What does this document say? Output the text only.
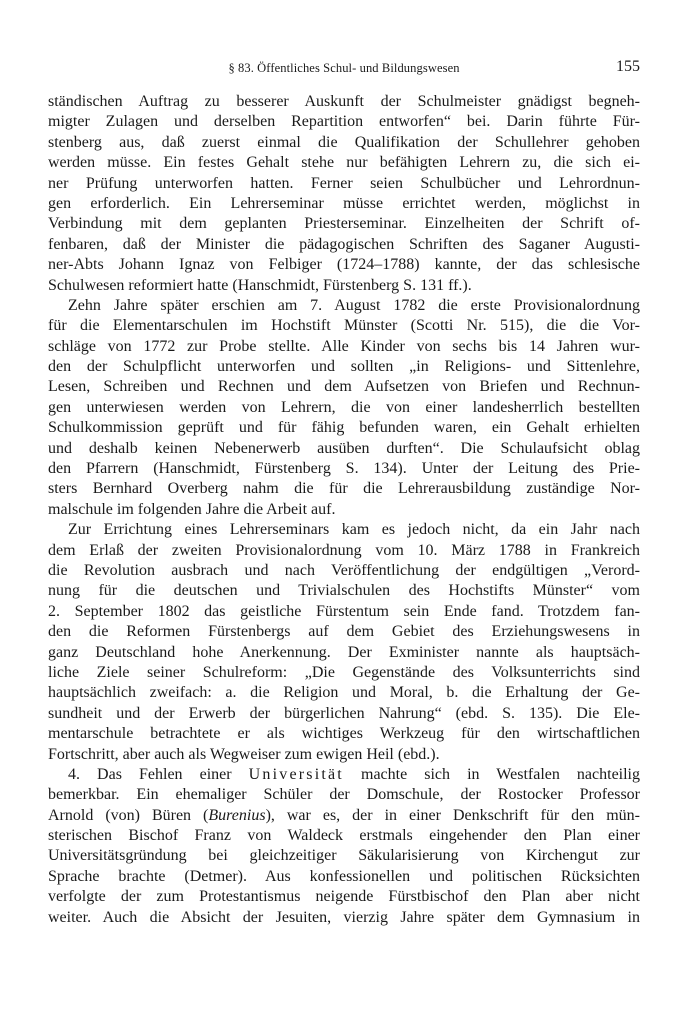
§ 83. Öffentliches Schul- und Bildungswesen	155

ständischen Auftrag zu besserer Auskunft der Schulmeister gnädigst begneh-
migter Zulagen und derselben Repartition entworfen“ bei. Darin führte Für-
stenberg aus, daß zuerst einmal die Qualifikation der Schullehrer gehoben
werden müsse. Ein festes Gehalt stehe nur befähigten Lehrern zu, die sich ei-
ner Prüfung unterworfen hatten. Ferner seien Schulbücher und Lehrordnun-
gen erforderlich. Ein Lehrerseminar müsse errichtet werden, möglichst in
Verbindung mit dem geplanten Priesterseminar. Einzelheiten der Schrift of-
fenbaren, daß der Minister die pädagogischen Schriften des Saganer Augusti-
ner-Abts Johann Ignaz von Felbiger (1724–1788) kannte, der das schlesische
Schulwesen reformiert hatte (Hanschmidt, Fürstenberg S. 131 ff.).

Zehn Jahre später erschien am 7. August 1782 die erste Provisionalordnung
für die Elementarschulen im Hochstift Münster (Scotti Nr. 515), die die Vor-
schläge von 1772 zur Probe stellte. Alle Kinder von sechs bis 14 Jahren wur-
den der Schulpflicht unterworfen und sollten „in Religions- und Sittenlehre,
Lesen, Schreiben und Rechnen und dem Aufsetzen von Briefen und Rechnun-
gen unterwiesen werden von Lehrern, die von einer landesherrlich bestellten
Schulkommission geprüft und für fähig befunden waren, ein Gehalt erhielten
und deshalb keinen Nebenerwerb ausüben durften“. Die Schulaufsicht oblag
den Pfarrern (Hanschmidt, Fürstenberg S. 134). Unter der Leitung des Prie-
sters Bernhard Overberg nahm die für die Lehrerausbildung zuständige Nor-
malschule im folgenden Jahre die Arbeit auf.

Zur Errichtung eines Lehrerseminars kam es jedoch nicht, da ein Jahr nach
dem Erlaß der zweiten Provisionalordnung vom 10. März 1788 in Frankreich
die Revolution ausbrach und nach Veröffentlichung der endgültigen „Verord-
nung für die deutschen und Trivialschulen des Hochstifts Münster“ vom
2. September 1802 das geistliche Fürstentum sein Ende fand. Trotzdem fan-
den die Reformen Fürstenbergs auf dem Gebiet des Erziehungswesens in
ganz Deutschland hohe Anerkennung. Der Exminister nannte als hauptsäch-
liche Ziele seiner Schulreform: „Die Gegenstände des Volksunterrichts sind
hauptsächlich zweifach: a. die Religion und Moral, b. die Erhaltung der Ge-
sundheit und der Erwerb der bürgerlichen Nahrung“ (ebd. S. 135). Die Ele-
mentarschule betrachtete er als wichtiges Werkzeug für den wirtschaftlichen
Fortschritt, aber auch als Wegweiser zum ewigen Heil (ebd.).

4. Das Fehlen einer Universität machte sich in Westfalen nachteilig
bemerkbar. Ein ehemaliger Schüler der Domschule, der Rostocker Professor
Arnold (von) Büren (Burenius), war es, der in einer Denkschrift für den mün-
sterischen Bischof Franz von Waldeck erstmals eingehender den Plan einer
Universitätsgründung bei gleichzeitiger Säkularisierung von Kirchengut zur
Sprache brachte (Detmer). Aus konfessionellen und politischen Rücksichten
verfolgte der zum Protestantismus neigende Fürstbischof den Plan aber nicht
weiter. Auch die Absicht der Jesuiten, vierzig Jahre später dem Gymnasium in
